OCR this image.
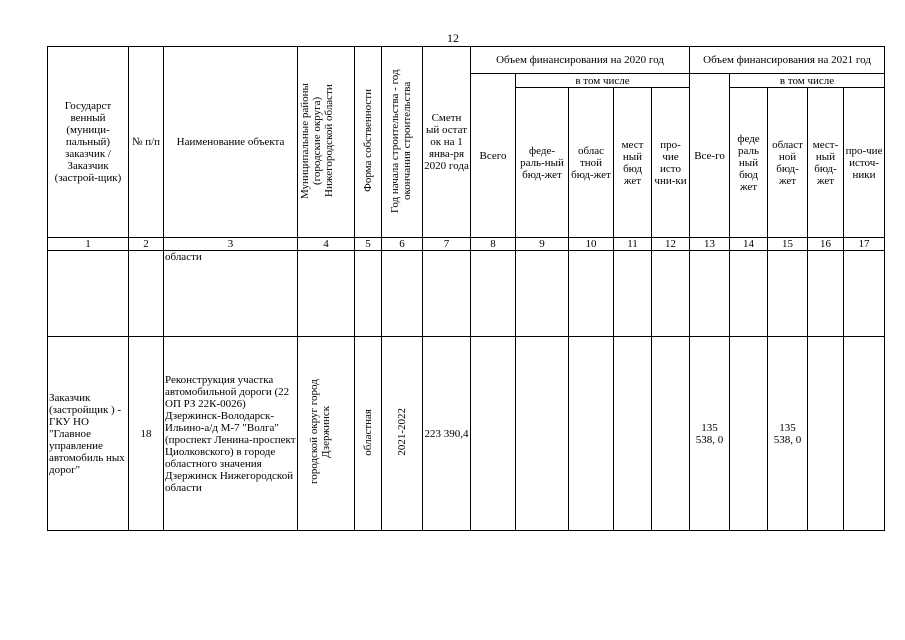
12
Государст венный (муници-пальный) заказчик / Заказчик (застрой-щик)	№ п/п	Наименование объекта	Муниципальные районы (городские округа) Нижегородской области	Форма собственности	Год начала строительства - год окончания строительства	Сметн ый остат ок на 1 янва-ря 2020 года	Объем финансирования на 2020 год					Объем финансирования на 2021 год				
							Всего	в том числе				Все-го	в том числе			
								феде-раль-ный бюд-жет	облас тной бюд-жет	мест ный бюд жет	про-чие исто чни-ки		феде раль ный бюд жет	област ной бюд-жет	мест-ный бюд-жет	про-чие источ-ники
1	2	3	4	5	6	7	8	9	10	11	12	13	14	15	16	17
		области														
Заказчик (застройщик ) - ГКУ НО "Главное управление автомобиль ных дорог"	18	Реконструкция участка автомобильной дороги (22 ОП РЗ 22К-0026) Дзержинск-Володарск-Ильино-а/д М-7 "Волга"(проспект Ленина-проспект Циолковского) в городе областного значения Дзержинск Нижегородской области	городской округ город Дзержинск	областная	2021-2022	223 390,4						135 538, 0		135 538, 0		
